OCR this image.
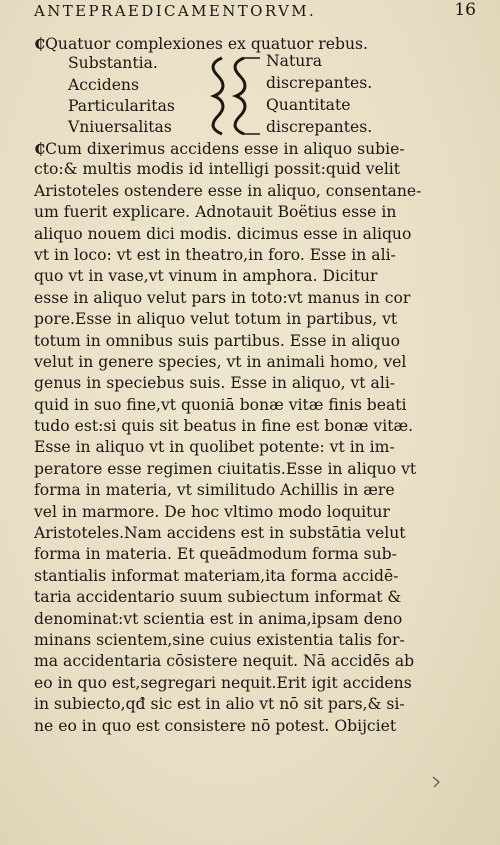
ANTEPRAEDICAMENTORVM.	16
₵Quatuor complexiones ex quatuor rebus.
Substantia.
Accidens
Particularitas
Vniuersalitas
Natura
discrepantes.
Quantitate
discrepantes.
₵Cum dixerimus accidens esse in aliquo subie-
cto:& multis modis id intelligi possit:quid velit
Aristoteles ostendere esse in aliquo, consentane-
um fuerit explicare. Adnotauit Boëtius esse in
aliquo nouem dici modis. dicimus esse in aliquo
vt in loco: vt est in theatro,in foro. Esse in ali-
quo vt in vase,vt vinum in amphora. Dicitur
esse in aliquo velut pars in toto:vt manus in cor
pore.Esse in aliquo velut totum in partibus, vt
totum in omnibus suis partibus. Esse in aliquo
velut in genere species, vt in animali homo, vel
genus in speciebus suis. Esse in aliquo, vt ali-
quid in suo fine,vt quoniā bonæ vitæ finis beati
tudo est:si quis sit beatus in fine est bonæ vitæ.
Esse in aliquo vt in quolibet potente: vt in im-
peratore esse regimen ciuitatis.Esse in aliquo vt
forma in materia, vt similitudo Achillis in ære
vel in marmore. De hoc vltimo modo loquitur
Aristoteles.Nam accidens est in substātia velut
forma in materia. Et queādmodum forma sub-
stantialis informat materiam,ita forma accidē-
taria accidentario suum subiectum informat &
denominat:vt scientia est in anima,ipsam deno
minans scientem,sine cuius existentia talis for-
ma accidentaria cōsistere nequit. Nā accidēs ab
eo in quo est,segregari nequit.Erit igit accidens
in subiecto,qđ sic est in alio vt nō sit pars,& si-
ne eo in quo est consistere nō potest. Obijciet
